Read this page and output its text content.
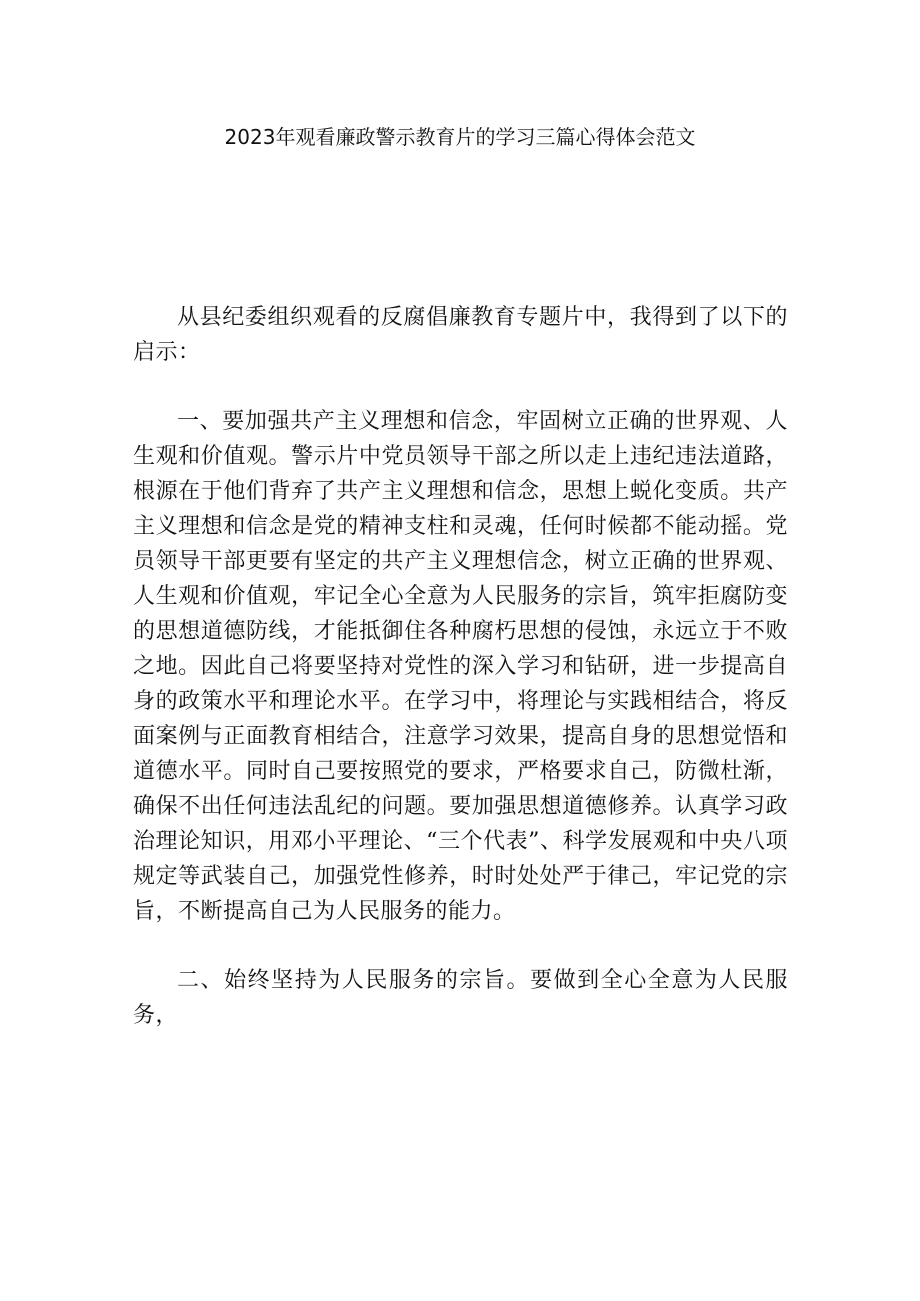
2023年观看廉政警示教育片的学习三篇心得体会范文

从县纪委组织观看的反腐倡廉教育专题片中，我得到了以下的启示：

一、要加强共产主义理想和信念，牢固树立正确的世界观、人生观和价值观。警示片中党员领导干部之所以走上违纪违法道路，根源在于他们背弃了共产主义理想和信念，思想上蜕化变质。共产主义理想和信念是党的精神支柱和灵魂，任何时候都不能动摇。党员领导干部更要有坚定的共产主义理想信念，树立正确的世界观、人生观和价值观，牢记全心全意为人民服务的宗旨，筑牢拒腐防变的思想道德防线，才能抵御住各种腐朽思想的侵蚀，永远立于不败之地。因此自己将要坚持对党性的深入学习和钻研，进一步提高自身的政策水平和理论水平。在学习中，将理论与实践相结合，将反面案例与正面教育相结合，注意学习效果，提高自身的思想觉悟和道德水平。同时自己要按照党的要求，严格要求自己，防微杜渐，确保不出任何违法乱纪的问题。要加强思想道德修养。认真学习政治理论知识，用邓小平理论、“三个代表”、科学发展观和中央八项规定等武装自己，加强党性修养，时时处处严于律己，牢记党的宗旨，不断提高自己为人民服务的能力。

二、始终坚持为人民服务的宗旨。要做到全心全意为人民服务，
